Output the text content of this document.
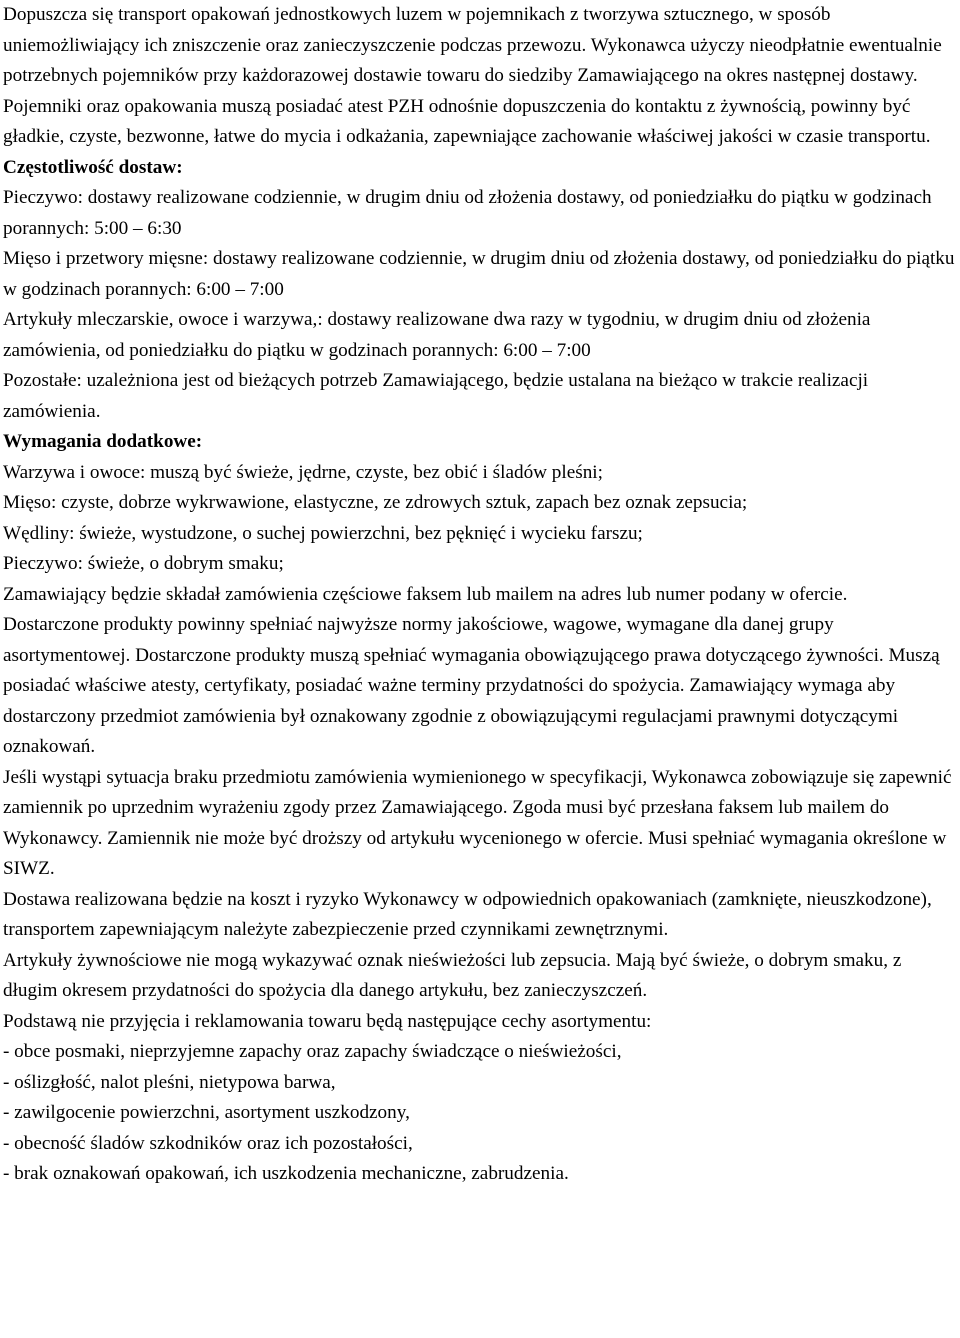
Dopuszcza się transport opakowań jednostkowych luzem w pojemnikach z tworzywa sztucznego, w sposób uniemożliwiający ich zniszczenie oraz zanieczyszczenie podczas przewozu. Wykonawca użyczy nieodpłatnie ewentualnie potrzebnych pojemników przy każdorazowej dostawie towaru do siedziby Zamawiającego na okres następnej dostawy. Pojemniki oraz opakowania muszą posiadać atest PZH odnośnie dopuszczenia do kontaktu z żywnością, powinny być gładkie, czyste, bezwonne, łatwe do mycia i odkażania, zapewniające zachowanie właściwej jakości w czasie transportu.

Częstotliwość dostaw:

Pieczywo: dostawy realizowane codziennie, w drugim dniu od złożenia dostawy, od poniedziałku do piątku w godzinach porannych: 5:00 – 6:30

Mięso i przetwory mięsne: dostawy realizowane codziennie, w drugim dniu od złożenia dostawy, od poniedziałku do piątku w godzinach porannych: 6:00 – 7:00

Artykuły mleczarskie, owoce i warzywa,: dostawy realizowane dwa razy w tygodniu, w drugim dniu od złożenia zamówienia, od poniedziałku do piątku w godzinach porannych: 6:00 – 7:00

Pozostałe: uzależniona jest od bieżących potrzeb Zamawiającego, będzie ustalana na bieżąco w trakcie realizacji zamówienia.

Wymagania dodatkowe:

Warzywa i owoce: muszą być świeże, jędrne, czyste, bez obić i śladów pleśni;

Mięso: czyste, dobrze wykrwawione, elastyczne, ze zdrowych sztuk, zapach bez oznak zepsucia;

Wędliny: świeże, wystudzone, o suchej powierzchni, bez pęknięć i wycieku farszu;

Pieczywo: świeże, o dobrym smaku;

Zamawiający będzie składał zamówienia częściowe faksem lub mailem na adres lub numer podany w ofercie.

Dostarczone produkty powinny spełniać najwyższe normy jakościowe, wagowe, wymagane dla danej grupy asortymentowej. Dostarczone produkty muszą spełniać wymagania obowiązującego prawa dotyczącego żywności. Muszą posiadać właściwe atesty, certyfikaty, posiadać ważne terminy przydatności do spożycia. Zamawiający wymaga aby dostarczony przedmiot zamówienia był oznakowany zgodnie z obowiązującymi regulacjami prawnymi dotyczącymi oznakowań.

Jeśli wystąpi sytuacja braku przedmiotu zamówienia wymienionego w specyfikacji, Wykonawca zobowiązuje się zapewnić zamiennik po uprzednim wyrażeniu zgody przez Zamawiającego. Zgoda musi być przesłana faksem lub mailem do Wykonawcy. Zamiennik nie może być droższy od artykułu wycenionego w ofercie. Musi spełniać wymagania określone w SIWZ.

Dostawa realizowana będzie na koszt i ryzyko Wykonawcy w odpowiednich opakowaniach (zamknięte, nieuszkodzone), transportem zapewniającym należyte zabezpieczenie przed czynnikami zewnętrznymi.

Artykuły żywnościowe nie mogą wykazywać oznak nieświeżości lub zepsucia. Mają być świeże, o dobrym smaku, z długim okresem przydatności do spożycia dla danego artykułu, bez zanieczyszczeń.

Podstawą nie przyjęcia i reklamowania towaru będą następujące cechy asortymentu:

- obce posmaki, nieprzyjemne zapachy oraz zapachy świadczące o nieświeżości,

- oślizgłość, nalot pleśni, nietypowa barwa,

- zawilgocenie powierzchni, asortyment uszkodzony,

- obecność śladów szkodników oraz ich pozostałości,

- brak oznakowań opakowań, ich uszkodzenia mechaniczne, zabrudzenia.
